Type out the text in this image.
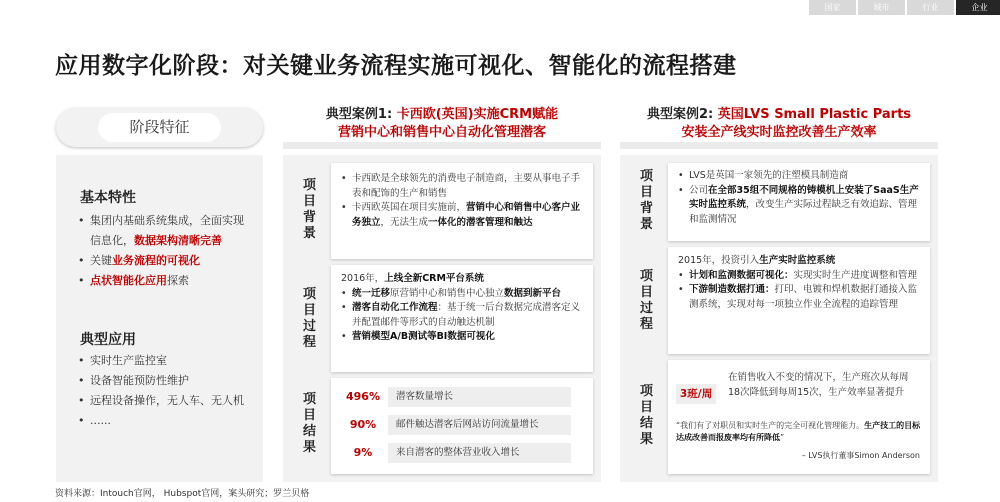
国家	城市	行业	企业
应用数字化阶段：对关键业务流程实施可视化、智能化的流程搭建
阶段特征
基本特性
• 集团内基础系统集成，全面实现信息化，数据架构清晰完善
• 关键业务流程的可视化
• 点状智能化应用探索
典型应用
• 实时生产监控室
• 设备智能预防性维护
• 远程设备操作，无人车、无人机
• ......
典型案例1: 卡西欧(英国)实施CRM赋能
营销中心和销售中心自动化管理潜客
项
目
背
景
• 卡西欧是全球领先的消费电子制造商，主要从事电子手表和配饰的生产和销售
• 卡西欧英国在项目实施前，营销中心和销售中心客户业务独立，无法生成一体化的潜客管理和触达
项
目
过
程

2016年，上线全新CRM平台系统

• 统一迁移原营销中心和销售中心独立数据到新平台
• 潜客自动化工作流程：基于统一后台数据完成潜客定义并配置邮件等形式的自动触达机制
• 营销模型A/B测试等BI数据可视化
项
目
结
果
496%	潜客数量增长
90%	邮件触达潜客后网站访问流量增长
9%	来自潜客的整体营业收入增长
典型案例2: 英国LVS Small Plastic Parts
安装全产线实时监控改善生产效率
项
目
背
景
• LVS是英国一家领先的注塑模具制造商
• 公司在全部35组不同规格的铸模机上安装了SaaS生产实时监控系统，改变生产实际过程缺乏有效追踪、管理和监测情况
项
目
过
程

2015年，投资引入生产实时监控系统

• 计划和监测数据可视化：实现实时生产进度调整和管理
• 下游制造数据打通：打印、电镀和焊机数据打通接入监测系统，实现对每一项独立作业全流程的追踪管理
项
目
结
果
3班/周
在销售收入不变的情况下，生产班次从每周18次降低到每周15次，生产效率显著提升
“我们有了对职员和实时生产的完全可视化管理能力。生产技工的目标达成改善而报废率均有所降低”
– LVS执行董事Simon Anderson
资料来源：Intouch官网， Hubspot官网，案头研究；罗兰贝格
